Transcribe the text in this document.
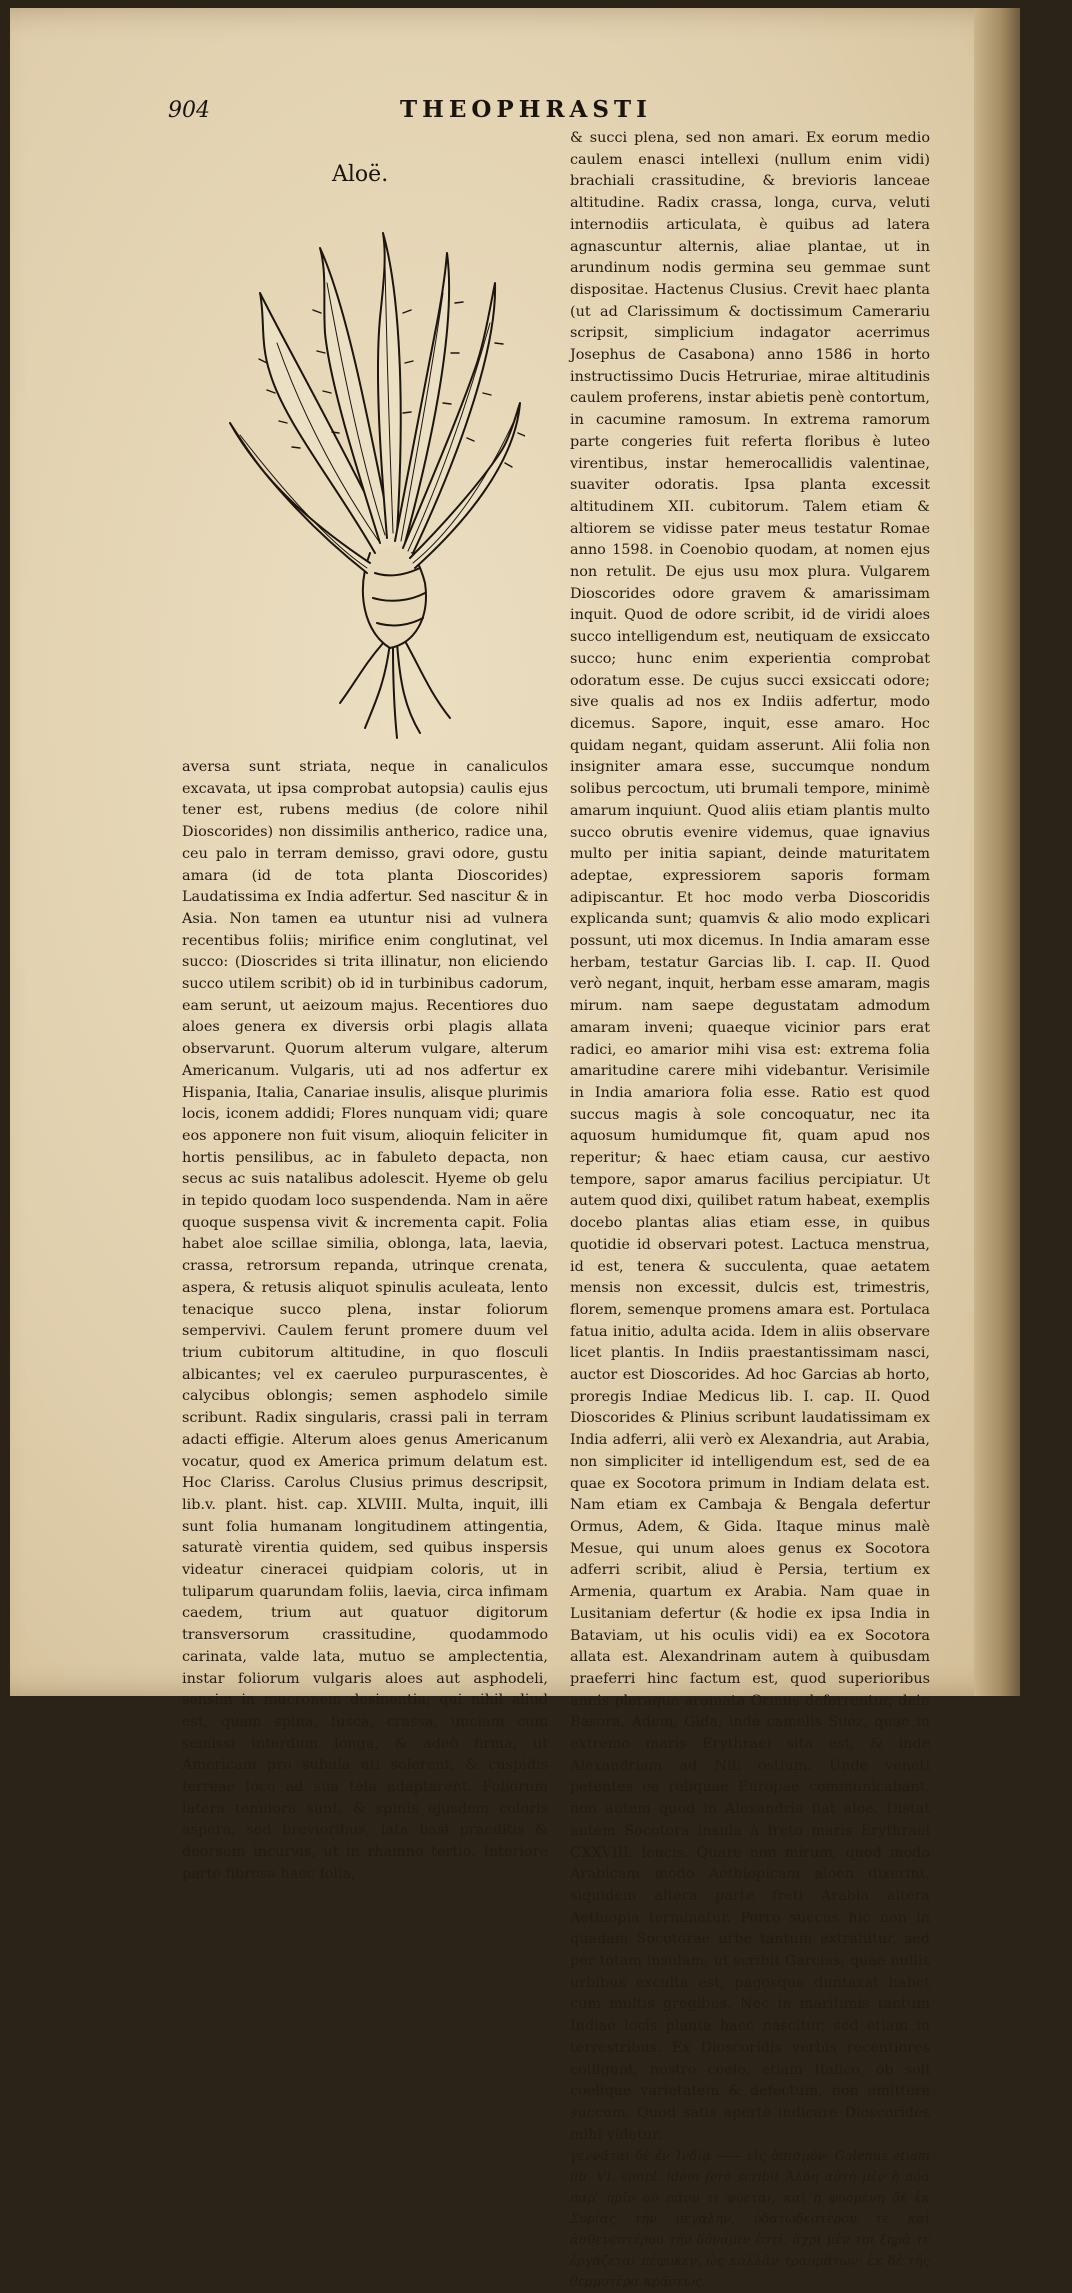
904	THEOPHRASTI
Aloë.

aversa sunt striata, neque in canaliculos excavata, ut ipsa comprobat autopsia) caulis ejus tener est, rubens medius (de colore nihil Dioscorides) non dissimilis anthericо, radice una, ceu palo in terram demisso, gravi odore, gustu amara (id de tota planta Dioscorides) Laudatissima ex India adfertur. Sed nascitur & in Asia. Non tamen ea utuntur nisi ad vulnera recentibus foliis; mirifice enim conglutinat, vel succo: (Dioscrides si trita illinatur, non eliciendo succo utilem scribit) ob id in turbinibus cadorum, eam serunt, ut aeizoum majus. Recentiores duo aloes genera ex diversis orbi plagis allata observarunt. Quorum alterum vulgare, alterum Americanum. Vulgaris, uti ad nos adfertur ex Hispania, Italia, Canariae insulis, alisque plurimis locis, iconem addidi; Flores nunquam vidi; quare eos apponere non fuit visum, alioquin feliciter in hortis pensilibus, ac in fabuleto depacta, non secus ac suis natalibus adolescit. Hyeme ob gelu in tepido quodam loco suspendenda. Nam in aëre quoque suspensa vivit & incrementa capit. Folia habet aloe scillae similia, oblonga, lata, laevia, crassa, retrorsum repanda, utrinque crenata, aspera, & retusis aliquot spinulis aculeata, lento tenacique succo plena, instar foliorum sempervivi. Caulem ferunt promere duum vel trium cubitorum altitudine, in quo flosculi albicantes; vel ex caeruleo purpurascentes, è calycibus oblongis; semen asphodelo simile scribunt. Radix singularis, crassi pali in terram adacti effigie. Alterum aloes genus Americanum vocatur, quod ex America primum delatum est. Hoc Clariss. Carolus Clusius primus descripsit, lib.v. plant. hist. cap. XLVIII. Multa, inquit, illi sunt folia humanam longitudinem attingentia, saturatè virentia quidem, sed quibus inspersis videatur cineracei quidpiam coloris, ut in tuliparum quarundam foliis, laevia, circa infimam caedem, trium aut quatuor digitorum transversorum crassitudine, quodammodo carinata, valde lata, mutuo se amplectentia, instar foliorum vulgaris aloes aut asphodeli, sensim in mucronem desinentia; qui nihil aliud est, quam spina, fusca, crassa, unciam cum semissi interdum longa, & adeò firma, ut Americani pro subula uti solerent, & cuspidis ferreae loco ad sua tela adaptarent. Foliorum latera tenuiora sunt, & spinis ejusdem coloris aspera, sed brevioribus, lata basi praeditis & deorsum incurvis, ut in rhamno tertio. Interiore parte fibrosa haec folia,

& succi plena, sed non amari. Ex eorum medio caulem enasci intellexi (nullum enim vidi) brachiali crassitudine, & brevioris lanceae altitudine. Radix crassa, longa, curva, veluti internodiis articulata, è quibus ad latera agnascuntur alternis, aliae plantae, ut in arundinum nodis germina seu gemmae sunt dispositae. Hactenus Clusius. Crevit haec planta (ut ad Clarissimum & doctissimum Camerariu scripsit, simplicium indagator acerrimus Josephus de Casabona) anno 1586 in horto instructissimo Ducis Hetruriae, mirae altitudinis caulem proferens, instar abietis penè contortum, in cacumine ramosum. In extrema ramorum parte congeries fuit referta floribus è luteo virentibus, instar hemerocallidis valentinae, suaviter odoratis. Ipsa planta excessit altitudinem XII. cubitorum. Talem etiam & altiorem se vidisse pater meus testatur Romae anno 1598. in Coenobio quodam, at nomen ejus non retulit. De ejus usu mox plura. Vulgarem Dioscorides odore gravem & amarissimam inquit. Quod de odore scribit, id de viridi aloes succo intelligendum est, neutiquam de exsiccato succo; hunc enim experientia comprobat odoratum esse. De cujus succi exsiccati odore; sive qualis ad nos ex Indiis adfertur, modo dicemus. Sapore, inquit, esse amaro. Hoc quidam negant, quidam asserunt. Alii folia non insigniter amara esse, succumque nondum solibus percoctum, uti brumali tempore, minimè amarum inquiunt. Quod aliis etiam plantis multo succo obrutis evenire videmus, quae ignavius multo per initia sapiant, deinde maturitatem adeptae, expressiorem saporis formam adipiscantur. Et hoc modo verba Dioscoridis explicanda sunt; quamvis & alio modo explicari possunt, uti mox dicemus. In India amaram esse herbam, testatur Garcias lib. I. cap. II. Quod verò negant, inquit, herbam esse amaram, magis mirum. nam saepe degustatam admodum amaram inveni; quaeque vicinior pars erat radici, eo amarior mihi visa est: extrema folia amaritudine carere mihi videbantur. Verisimile in India amariora folia esse. Ratio est quod succus magis à sole concoquatur, nec ita aquosum humidumque fit, quam apud nos reperitur; & haec etiam causa, cur aestivo tempore, sapor amarus facilius percipiatur. Ut autem quod dixi, quilibet ratum habeat, exemplis docebo plantas alias etiam esse, in quibus quotidie id observari potest. Lactuca menstrua, id est, tenera & succulenta, quae aetatem mensis non excessit, dulcis est, trimestris, florem, semenque promens amara est. Portulaca fatua initio, adulta acida. Idem in aliis observare licet plantis. In Indiis praestantissimam nasci, auctor est Dioscorides. Ad hoc Garcias ab horto, proregis Indiae Medicus lib. I. cap. II. Quod Dioscorides & Plinius scribunt laudatissimam ex India adferri, alii verò ex Alexandria, aut Arabia, non simpliciter id intelligendum est, sed de ea quae ex Socotora primum in Indiam delata est. Nam etiam ex Cambaja & Bengala defertur Ormus, Adem, & Gida. Itaque minus malè Mesue, qui unum aloes genus ex Socotora adferri scribit, aliud è Persia, tertium ex Armenia, quartum ex Arabia. Nam quae in Lusitaniam defertur (& hodie ex ipsa India in Bataviam, ut his oculis vidi) ea ex Socotora allata est. Alexandrinam autem à quibusdam praeferri hinc factum est, quod superioribus annis pleraque aromata Ormus deferrentur, dein Basora, Adem, Gida, inde camelis Suez, quae in extremo maris Erythraei sita est, & inde Alexandriam ad Nili ostium. Unde veneti petentes ea reliquae Europae communicabant, non autem quod in Alexandria fiat aloe. Distat autem Socotora insula à freto maris Erythraei CXXVIII. leucis. Quare non mirum, quod modo Arabicam modo Aethiopicam aloen dixerint, siquidem altera parte freti Arabia altera Aethiopia terminatur. Porro succus hic non in quadam Socotorae urbe tantum extrahitur, sed per totam insulam, ut scribit Garcias, quae nullis urbibus exculta est, pagosque duntaxat habet cum multis gregibus. Nec in maritimis tantum Indiae locis planta haec nascitur, sed etiam in terrestribus. Ex Dioscoridis verbis recentiores colligunt, nostro coelo, etiam Italico, ob soli coelique varietatem & defectum, non emittere succum. Quod satis apertè indicare Dioscorides mihi videtur.

γεννᾶται δὲ ἐν Ἰνδίᾳ —— εἰς ὀπισμόν· Galenus etiam lib. VI. simpl. idem ferè scribit Ἀλόη αὐτὴ μὲν ἡ πόα παρ' ἡμῖν οὐ πάνυ τι φύεται, καὶ ἡ φυομένη δὲ ἐκ Συρίας τὴν μεγάλην, ὑδατωδεστέρου τε καὶ ἀσθενεστέρου τὴν δύναμιν ἐστί. ἄχρι μὲν τοι ξηρὰ τε ἐργάζεται πέφυκεν, ὡς κολλᾶν τραυμάτων· ἐκ δὲ τῆς θερμοτέρα κρᾶσεως.
